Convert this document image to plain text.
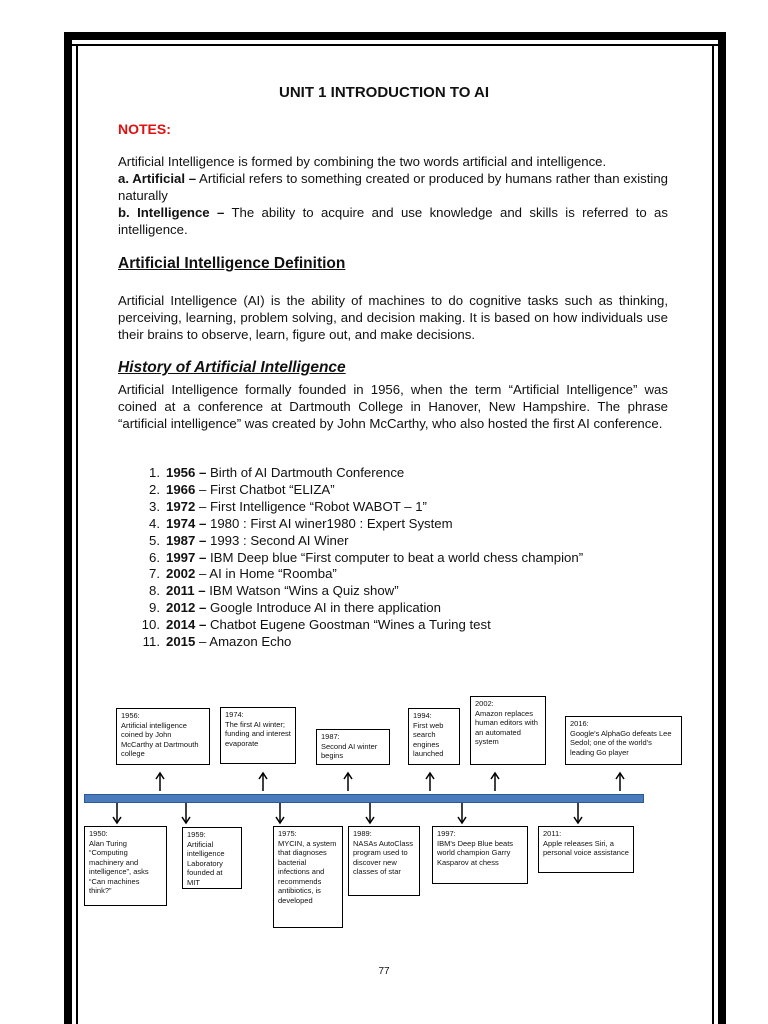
UNIT 1 INTRODUCTION TO AI
NOTES:
Artificial Intelligence is formed by combining the two words artificial and intelligence.
a. Artificial – Artificial refers to something created or produced by humans rather than existing naturally
b. Intelligence – The ability to acquire and use knowledge and skills is referred to as intelligence.
Artificial Intelligence Definition
Artificial Intelligence (AI) is the ability of machines to do cognitive tasks such as thinking, perceiving, learning, problem solving, and decision making. It is based on how individuals use their brains to observe, learn, figure out, and make decisions.
History of Artificial Intelligence
Artificial Intelligence formally founded in 1956, when the term “Artificial Intelligence” was coined at a conference at Dartmouth College in Hanover, New Hampshire. The phrase “artificial intelligence” was created by John McCarthy, who also hosted the first AI conference.
1. 1956 – Birth of AI Dartmouth Conference
2. 1966 – First Chatbot “ELIZA”
3. 1972 – First Intelligence “Robot WABOT – 1”
4. 1974 – 1980 : First AI winer1980 : Expert System
5. 1987 – 1993 : Second AI Winer
6. 1997 – IBM Deep blue “First computer to beat a world chess champion”
7. 2002 – AI in Home “Roomba”
8. 2011 – IBM Watson “Wins a Quiz show”
9. 2012 – Google Introduce AI in there application
10. 2014 – Chatbot Eugene Goostman “Wines a Turing test
11. 2015 – Amazon Echo
1956:
Artificial intelligence coined by John McCarthy at Dartmouth college
1974:
The first AI winter; funding and interest evaporate
1987:
Second AI winter begins
1994:
First web search engines launched
2002:
Amazon replaces human editors with an automated system
2016:
Google's AlphaGo defeats Lee Sedol; one of the world's leading Go player
1950:
Alan Turing “Computing machinery and intelligence”, asks “Can machines think?”
1959:
Artificial intelligence Laboratory founded at MIT
1975:
MYCIN, a system that diagnoses bacterial infections and recommends antibiotics, is developed
1989:
NASAs AutoClass program used to discover new classes of star
1997:
IBM's Deep Blue beats world champion Garry Kasparov at chess
2011:
Apple releases Siri, a personal voice assistance
77
